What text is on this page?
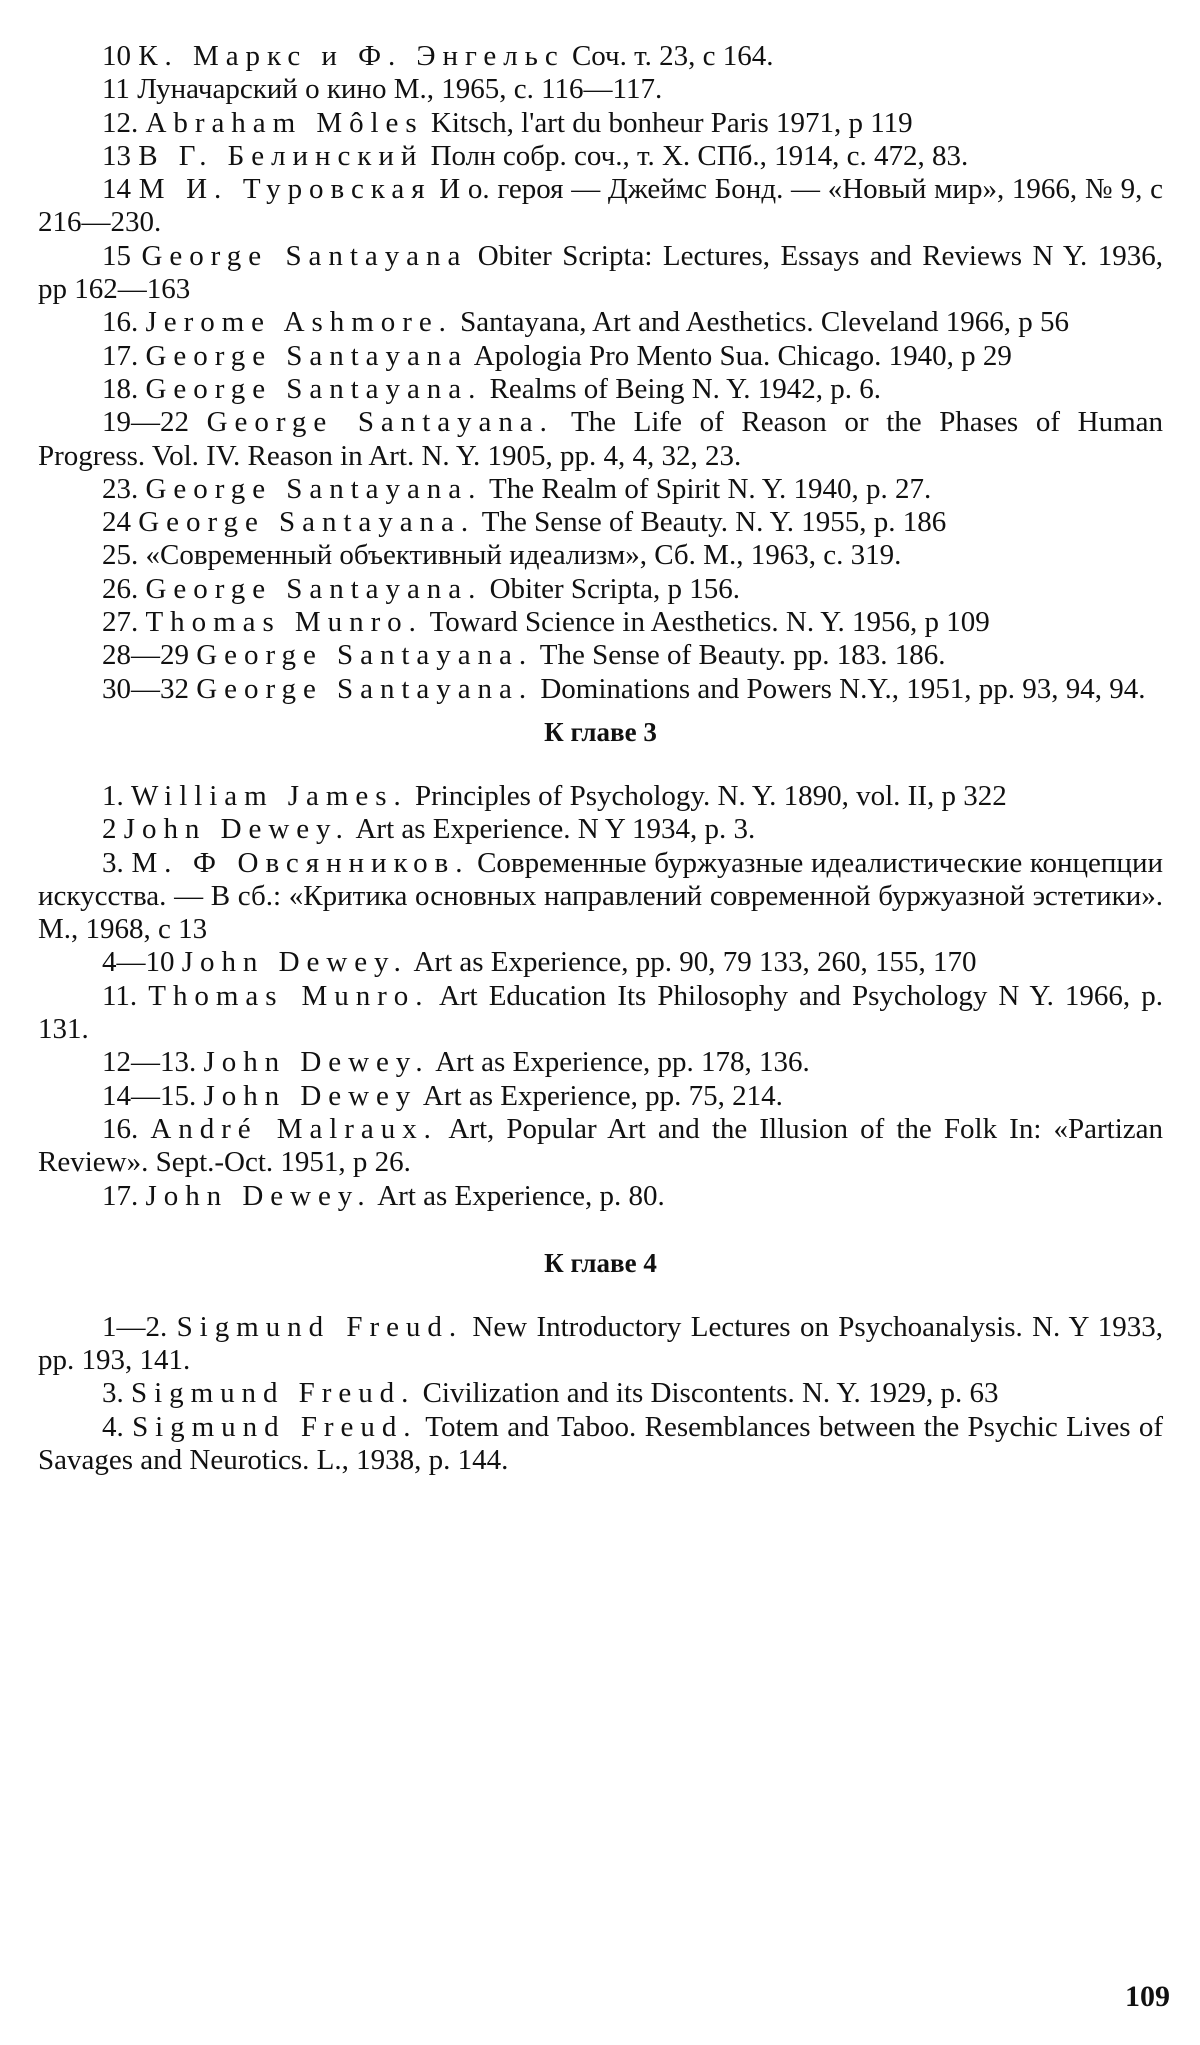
10 К. Маркс и Ф. Энгельс Соч. т. 23, с 164.

11 Луначарский о кино М., 1965, с. 116—117.

12. Abraham Môles Kitsch, l'art du bonheur Paris 1971, p 119

13 В Г. Белинский Полн собр. соч., т. X. СПб., 1914, с. 472, 83.

14 М И. Туровская И о. героя — Джеймс Бонд. — «Новый мир», 1966, № 9, с 216—230.

15 George Santayana Obiter Scripta: Lectures, Essays and Reviews N Y. 1936, pp 162—163

16. Jerome Ashmore. Santayana, Art and Aesthetics. Cleveland 1966, p 56

17. George Santayana Apologia Pro Mento Sua. Chicago. 1940, p 29

18. George Santayana. Realms of Being N. Y. 1942, p. 6.

19—22 George Santayana. The Life of Reason or the Phases of Human Progress. Vol. IV. Reason in Art. N. Y. 1905, pp. 4, 4, 32, 23.

23. George Santayana. The Realm of Spirit N. Y. 1940, p. 27.

24 George Santayana. The Sense of Beauty. N. Y. 1955, p. 186

25. «Современный объективный идеализм», Сб. М., 1963, с. 319.

26. George Santayana. Obiter Scripta, p 156.

27. Thomas Munro. Toward Science in Aesthetics. N. Y. 1956, p 109

28—29 George Santayana. The Sense of Beauty. pp. 183. 186.

30—32 George Santayana. Dominations and Powers N.Y., 1951, pp. 93, 94, 94.

К главе 3

1. William James. Principles of Psychology. N. Y. 1890, vol. II, p 322

2 John Dewey. Art as Experience. N Y 1934, p. 3.

3. М. Ф Овсянников. Современные буржуазные идеалистические концепции искусства. — В сб.: «Критика основных направлений современной буржуазной эстетики». М., 1968, с 13

4—10 John Dewey. Art as Experience, pp. 90, 79 133, 260, 155, 170

11. Thomas Munro. Art Education Its Philosophy and Psychology N Y. 1966, p. 131.

12—13. John Dewey. Art as Experience, pp. 178, 136.

14—15. John Dewey Art as Experience, pp. 75, 214.

16. André Malraux. Art, Popular Art and the Illusion of the Folk In: «Partizan Review». Sept.-Oct. 1951, p 26.

17. John Dewey. Art as Experience, p. 80.

К главе 4

1—2. Sigmund Freud. New Introductory Lectures on Psychoanalysis. N. Y 1933, pp. 193, 141.

3. Sigmund Freud. Civilization and its Discontents. N. Y. 1929, p. 63

4. Sigmund Freud. Totem and Taboo. Resemblances between the Psychic Lives of Savages and Neurotics. L., 1938, p. 144.

109
